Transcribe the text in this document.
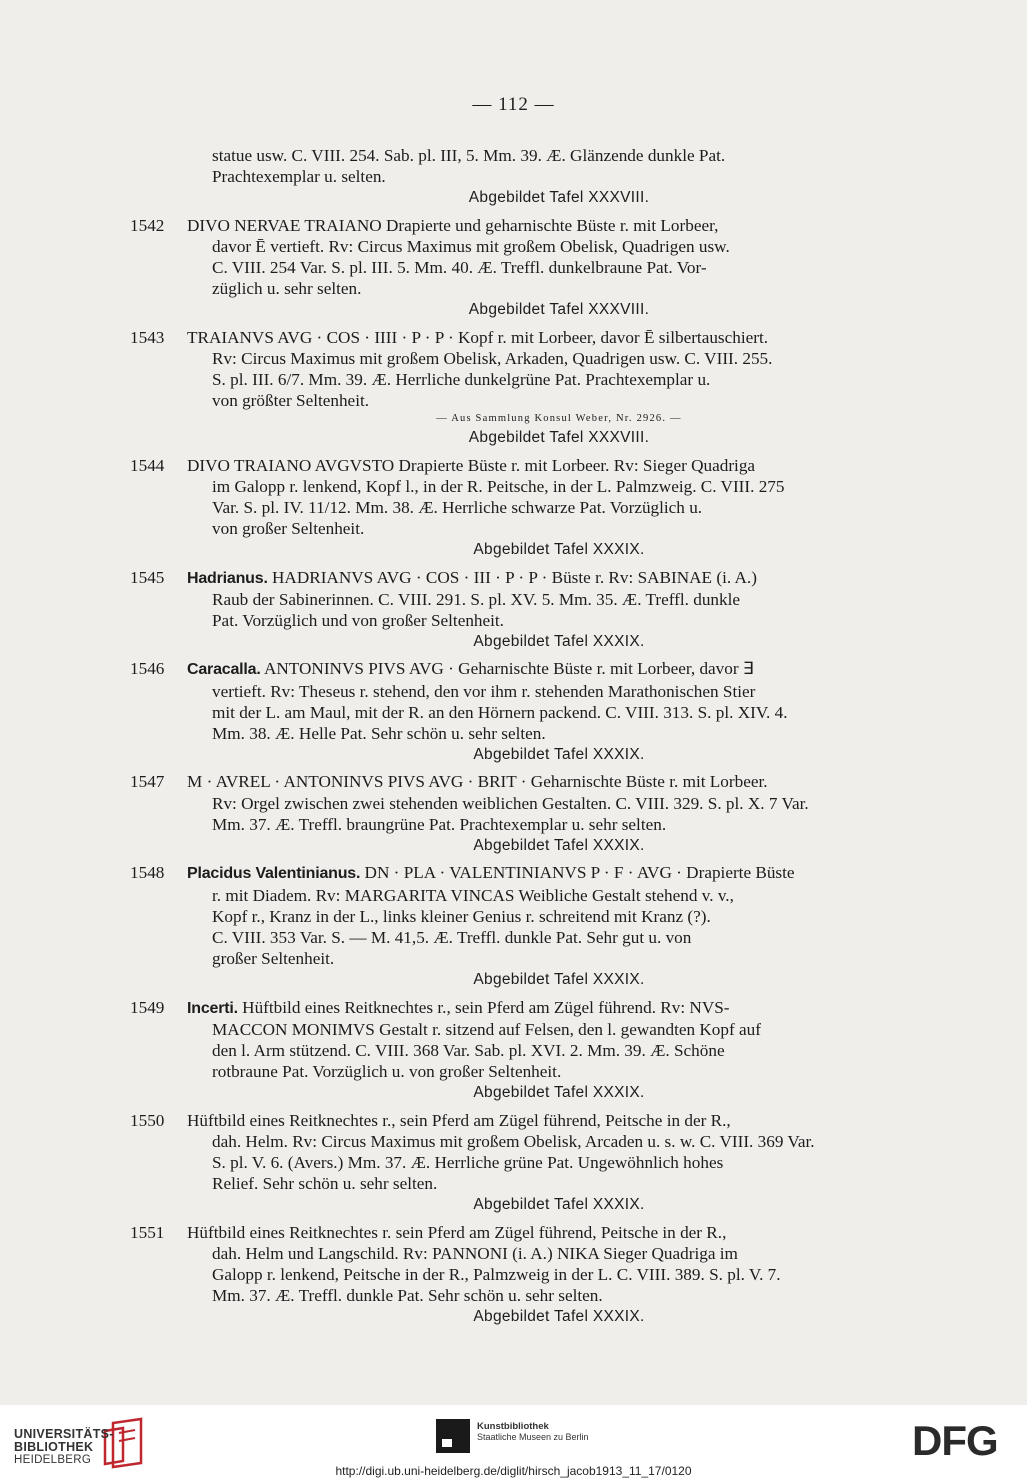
— 112 —
statue usw. C. VIII. 254. Sab. pl. III, 5. Mm. 39. Æ. Glänzende dunkle Pat.
Prachtexemplar u. selten.
Abgebildet Tafel XXXVIII.
1542 DIVO NERVAE TRAIANO Drapierte und geharnischte Büste r. mit Lorbeer,
davor Ē vertieft. Rv: Circus Maximus mit großem Obelisk, Quadrigen usw.
C. VIII. 254 Var. S. pl. III. 5. Mm. 40. Æ. Treffl. dunkelbraune Pat. Vor-
züglich u. sehr selten.
Abgebildet Tafel XXXVIII.
1543 TRAIANVS AVG · COS · IIII · P · P · Kopf r. mit Lorbeer, davor Ē silbertauschiert.
Rv: Circus Maximus mit großem Obelisk, Arkaden, Quadrigen usw. C. VIII. 255.
S. pl. III. 6/7. Mm. 39. Æ. Herrliche dunkelgrüne Pat. Prachtexemplar u.
von größter Seltenheit.
— Aus Sammlung Konsul Weber, Nr. 2926. —
Abgebildet Tafel XXXVIII.
1544 DIVO TRAIANO AVGVSTO Drapierte Büste r. mit Lorbeer. Rv: Sieger Quadriga
im Galopp r. lenkend, Kopf l., in der R. Peitsche, in der L. Palmzweig. C. VIII. 275
Var. S. pl. IV. 11/12. Mm. 38. Æ. Herrliche schwarze Pat. Vorzüglich u.
von großer Seltenheit.
Abgebildet Tafel XXXIX.
1545 Hadrianus. HADRIANVS AVG · COS · III · P · P · Büste r. Rv: SABINAE (i. A.)
Raub der Sabinerinnen. C. VIII. 291. S. pl. XV. 5. Mm. 35. Æ. Treffl. dunkle
Pat. Vorzüglich und von großer Seltenheit.
Abgebildet Tafel XXXIX.
1546 Caracalla. ANTONINVS PIVS AVG · Geharnischte Büste r. mit Lorbeer, davor ∃
vertieft. Rv: Theseus r. stehend, den vor ihm r. stehenden Marathonischen Stier
mit der L. am Maul, mit der R. an den Hörnern packend. C. VIII. 313. S. pl. XIV. 4.
Mm. 38. Æ. Helle Pat. Sehr schön u. sehr selten.
Abgebildet Tafel XXXIX.
1547 M · AVREL · ANTONINVS PIVS AVG · BRIT · Geharnischte Büste r. mit Lorbeer.
Rv: Orgel zwischen zwei stehenden weiblichen Gestalten. C. VIII. 329. S. pl. X. 7 Var.
Mm. 37. Æ. Treffl. braungrüne Pat. Prachtexemplar u. sehr selten.
Abgebildet Tafel XXXIX.
1548 Placidus Valentinianus. DN · PLA · VALENTINIANVS P · F · AVG · Drapierte Büste
r. mit Diadem. Rv: MARGARITA VINCAS Weibliche Gestalt stehend v. v.,
Kopf r., Kranz in der L., links kleiner Genius r. schreitend mit Kranz (?).
C. VIII. 353 Var. S. — M. 41,5. Æ. Treffl. dunkle Pat. Sehr gut u. von
großer Seltenheit.
Abgebildet Tafel XXXIX.
1549 Incerti. Hüftbild eines Reitknechtes r., sein Pferd am Zügel führend. Rv: NVS-
MACCON MONIMVS Gestalt r. sitzend auf Felsen, den l. gewandten Kopf auf
den l. Arm stützend. C. VIII. 368 Var. Sab. pl. XVI. 2. Mm. 39. Æ. Schöne
rotbraune Pat. Vorzüglich u. von großer Seltenheit.
Abgebildet Tafel XXXIX.
1550 Hüftbild eines Reitknechtes r., sein Pferd am Zügel führend, Peitsche in der R.,
dah. Helm. Rv: Circus Maximus mit großem Obelisk, Arcaden u. s. w. C. VIII. 369 Var.
S. pl. V. 6. (Avers.) Mm. 37. Æ. Herrliche grüne Pat. Ungewöhnlich hohes
Relief. Sehr schön u. sehr selten.
Abgebildet Tafel XXXIX.
1551 Hüftbild eines Reitknechtes r. sein Pferd am Zügel führend, Peitsche in der R.,
dah. Helm und Langschild. Rv: PANNONI (i. A.) NIKA Sieger Quadriga im
Galopp r. lenkend, Peitsche in der R., Palmzweig in der L. C. VIII. 389. S. pl. V. 7.
Mm. 37. Æ. Treffl. dunkle Pat. Sehr schön u. sehr selten.
Abgebildet Tafel XXXIX.
UNIVERSITÄTS-
BIBLIOTHEK
HEIDELBERG
Kunstbibliothek
Staatliche Museen zu Berlin	DFG
http://digi.ub.uni-heidelberg.de/diglit/hirsch_jacob1913_11_17/0120
